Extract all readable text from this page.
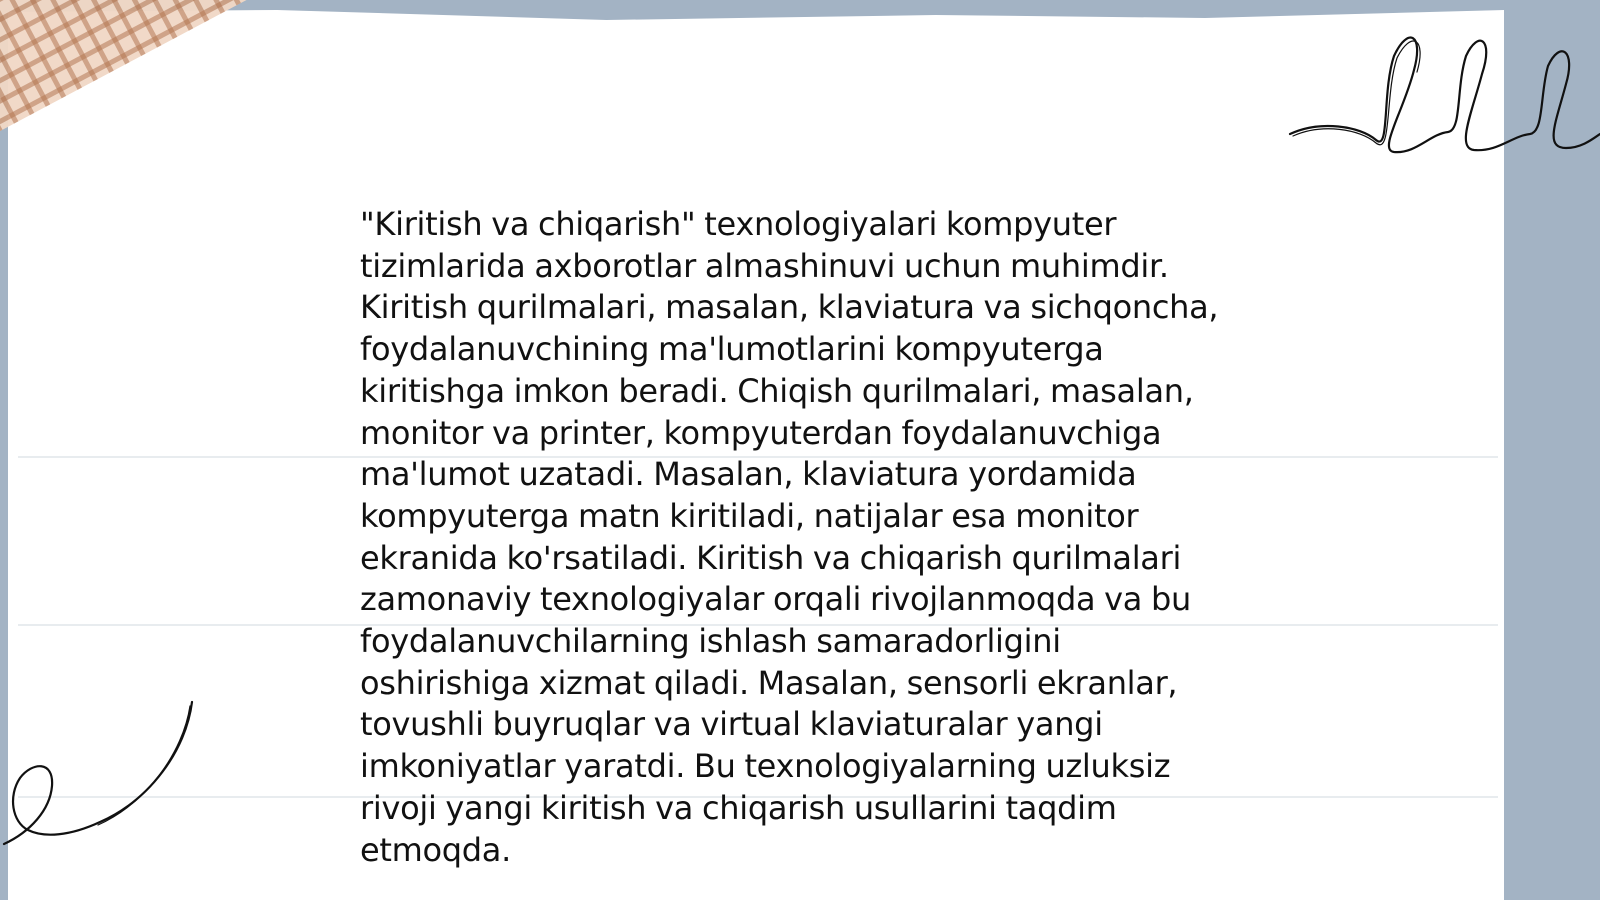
"Kiritish va chiqarish" texnologiyalari kompyuter tizimlarida axborotlar almashinuvi uchun muhimdir. Kiritish qurilmalari, masalan, klaviatura va sichqoncha, foydalanuvchining ma'lumotlarini kompyuterga kiritishga imkon beradi. Chiqish qurilmalari, masalan, monitor va printer, kompyuterdan foydalanuvchiga ma'lumot uzatadi. Masalan, klaviatura yordamida kompyuterga matn kiritiladi, natijalar esa monitor ekranida ko'rsatiladi. Kiritish va chiqarish qurilmalari zamonaviy texnologiyalar orqali rivojlanmoqda va bu foydalanuvchilarning ishlash samaradorligini oshirishiga xizmat qiladi. Masalan, sensorli ekranlar, tovushli buyruqlar va virtual klaviaturalar yangi imkoniyatlar yaratdi. Bu texnologiyalarning uzluksiz rivoji yangi kiritish va chiqarish usullarini taqdim etmoqda.
